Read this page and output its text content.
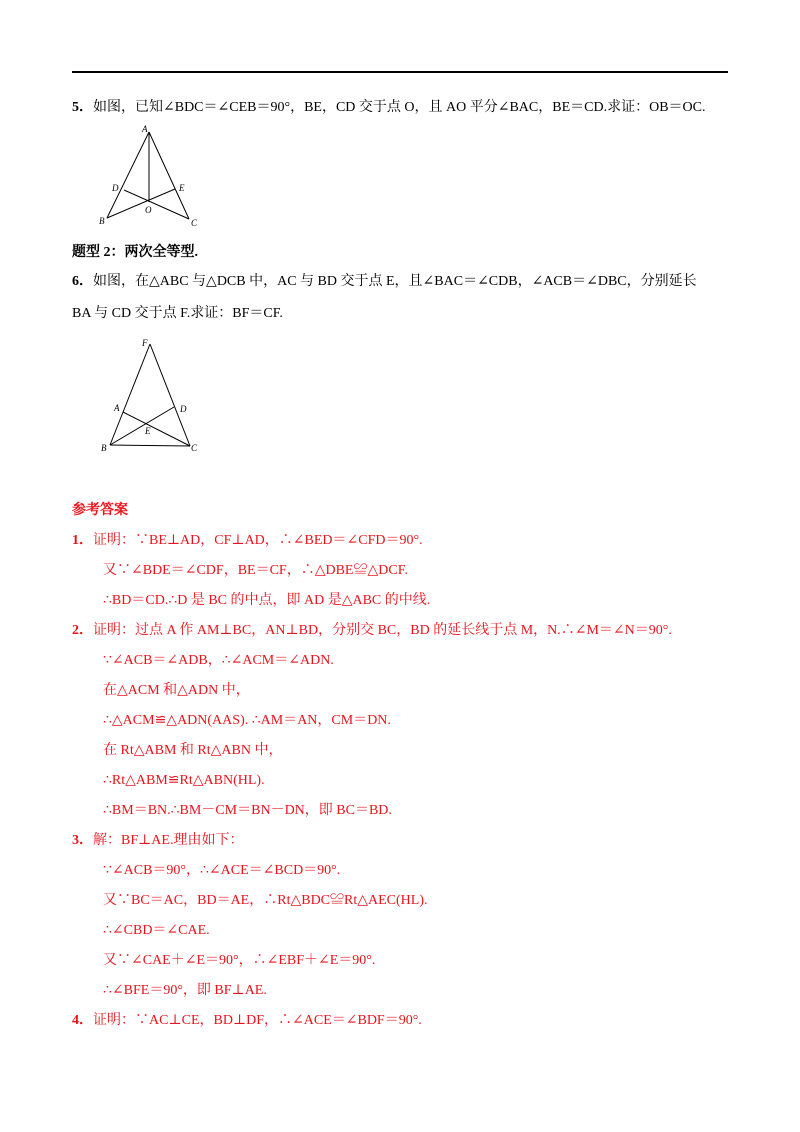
5．如图，已知∠BDC＝∠CEB＝90°，BE，CD 交于点 O，且 AO 平分∠BAC，BE＝CD.求证：OB＝OC.
A
D	E
O
B	C
题型 2：两次全等型.
6．如图，在△ABC 与△DCB 中，AC 与 BD 交于点 E，且∠BAC＝∠CDB，∠ACB＝∠DBC，分别延长
BA 与 CD 交于点 F.求证：BF＝CF.
F
A	D
E
B	C
参考答案
1．证明：∵BE⊥AD，CF⊥AD，∴∠BED＝∠CFD＝90°.
又∵∠BDE＝∠CDF，BE＝CF，∴△DBE≌△DCF.
∴BD＝CD.∴D 是 BC 的中点，即 AD 是△ABC 的中线.
2．证明：过点 A 作 AM⊥BC，AN⊥BD，分别交 BC，BD 的延长线于点 M，N.∴∠M＝∠N＝90°.
∵∠ACB＝∠ADB，∴∠ACM＝∠ADN.
在△ACM 和△ADN 中，
∴△ACM≌△ADN(AAS). ∴AM＝AN，CM＝DN.
在 Rt△ABM 和 Rt△ABN 中，
∴Rt△ABM≌Rt△ABN(HL).
∴BM＝BN.∴BM－CM＝BN－DN，即 BC＝BD.
3．解：BF⊥AE.理由如下：
∵∠ACB＝90°，∴∠ACE＝∠BCD＝90°.
又∵BC＝AC，BD＝AE，∴Rt△BDC≌Rt△AEC(HL).
∴∠CBD＝∠CAE.
又∵∠CAE＋∠E＝90°，∴∠EBF＋∠E＝90°.
∴∠BFE＝90°，即 BF⊥AE.
4．证明：∵AC⊥CE，BD⊥DF，∴∠ACE＝∠BDF＝90°.
